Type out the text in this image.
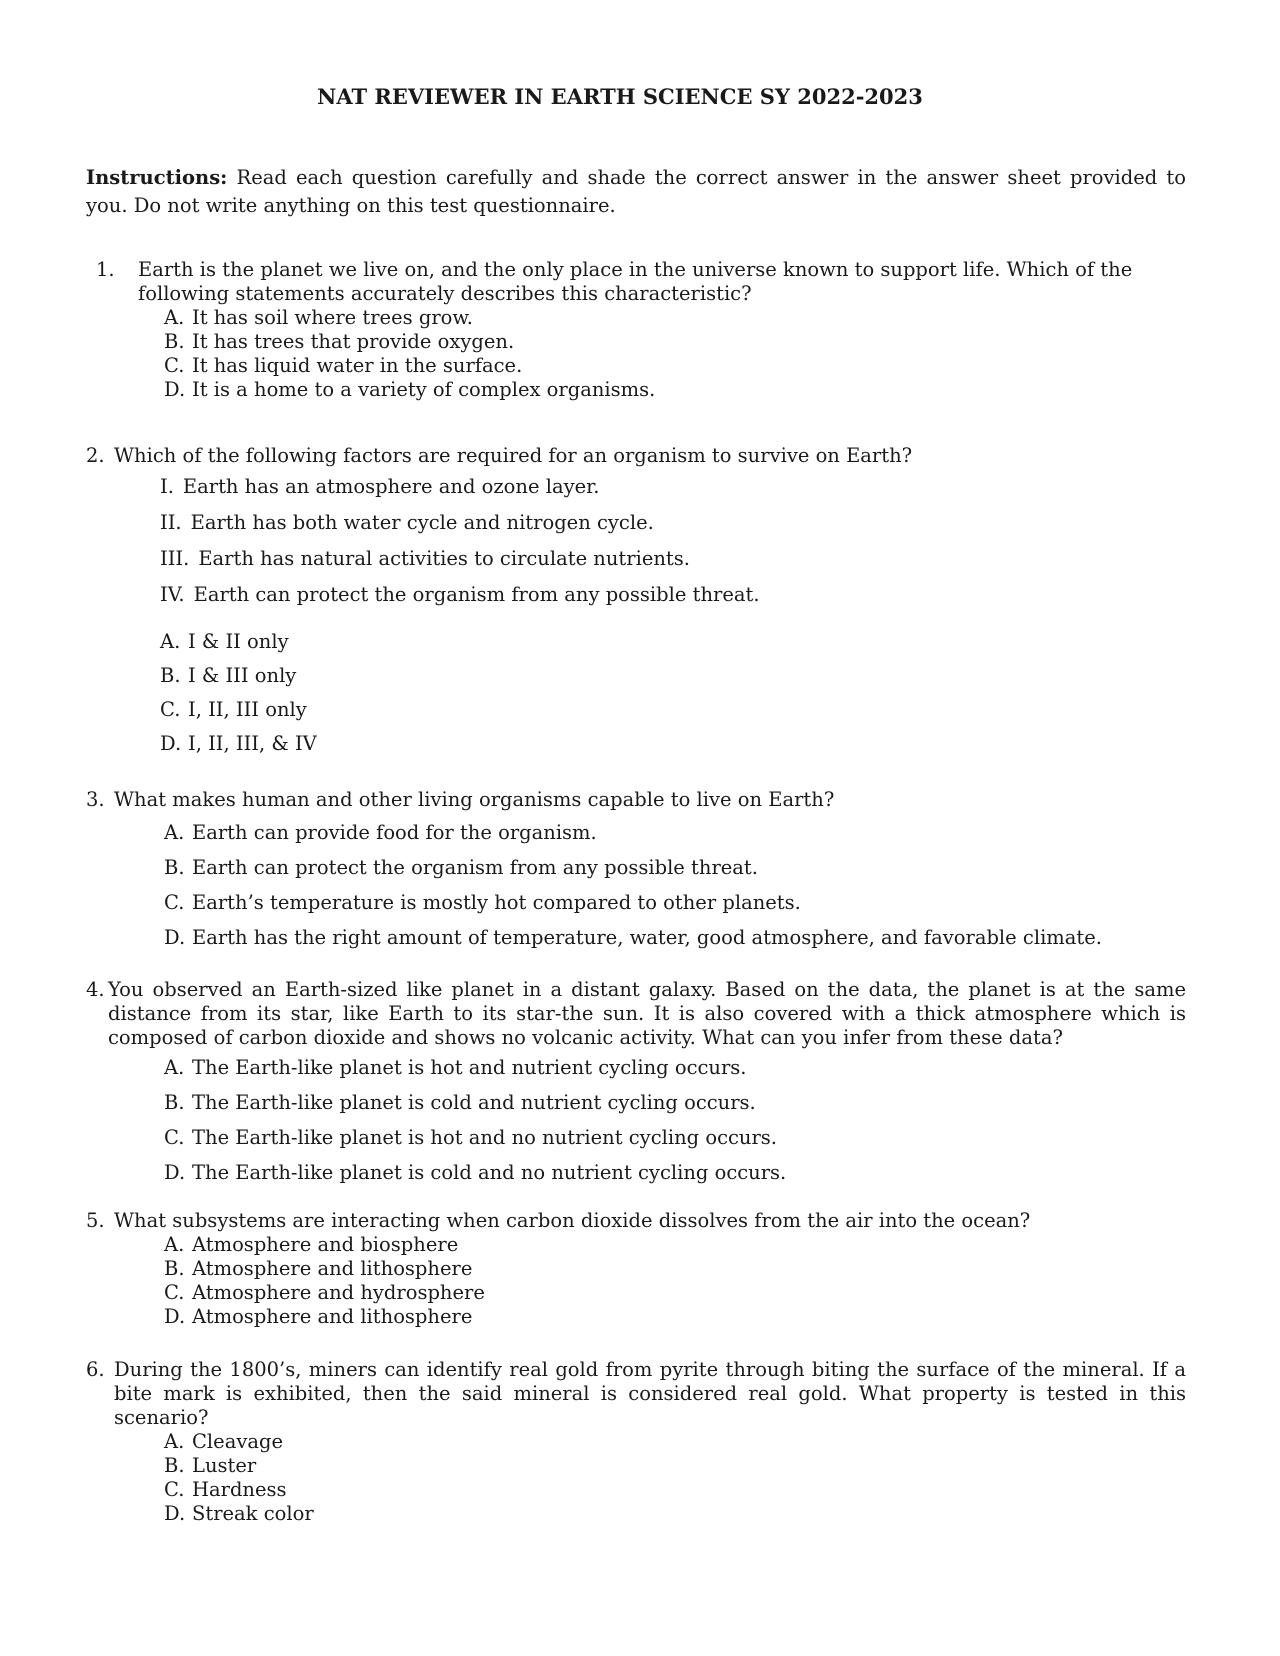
NAT REVIEWER IN EARTH SCIENCE SY 2022-2023
Instructions: Read each question carefully and shade the correct answer in the answer sheet provided to you. Do not write anything on this test questionnaire.
1.	Earth is the planet we live on, and the only place in the universe known to support life. Which of the following statements accurately describes this characteristic?
A. It has soil where trees grow.
B. It has trees that provide oxygen.
C. It has liquid water in the surface.
D. It is a home to a variety of complex organisms.
2. Which of the following factors are required for an organism to survive on Earth?
I. Earth has an atmosphere and ozone layer.
II. Earth has both water cycle and nitrogen cycle.
III. Earth has natural activities to circulate nutrients.
IV. Earth can protect the organism from any possible threat.
A. I & II only
B. I & III only
C. I, II, III only
D. I, II, III, & IV
3. What makes human and other living organisms capable to live on Earth?
A. Earth can provide food for the organism.
B. Earth can protect the organism from any possible threat.
C. Earth’s temperature is mostly hot compared to other planets.
D. Earth has the right amount of temperature, water, good atmosphere, and favorable climate.
4. You observed an Earth-sized like planet in a distant galaxy. Based on the data, the planet is at the same distance from its star, like Earth to its star-the sun. It is also covered with a thick atmosphere which is composed of carbon dioxide and shows no volcanic activity. What can you infer from these data?
A. The Earth-like planet is hot and nutrient cycling occurs.
B. The Earth-like planet is cold and nutrient cycling occurs.
C. The Earth-like planet is hot and no nutrient cycling occurs.
D. The Earth-like planet is cold and no nutrient cycling occurs.
5. What subsystems are interacting when carbon dioxide dissolves from the air into the ocean?
A. Atmosphere and biosphere
B. Atmosphere and lithosphere
C. Atmosphere and hydrosphere
D. Atmosphere and lithosphere
6. During the 1800’s, miners can identify real gold from pyrite through biting the surface of the mineral. If a bite mark is exhibited, then the said mineral is considered real gold. What property is tested in this scenario?
A. Cleavage
B. Luster
C. Hardness
D. Streak color
